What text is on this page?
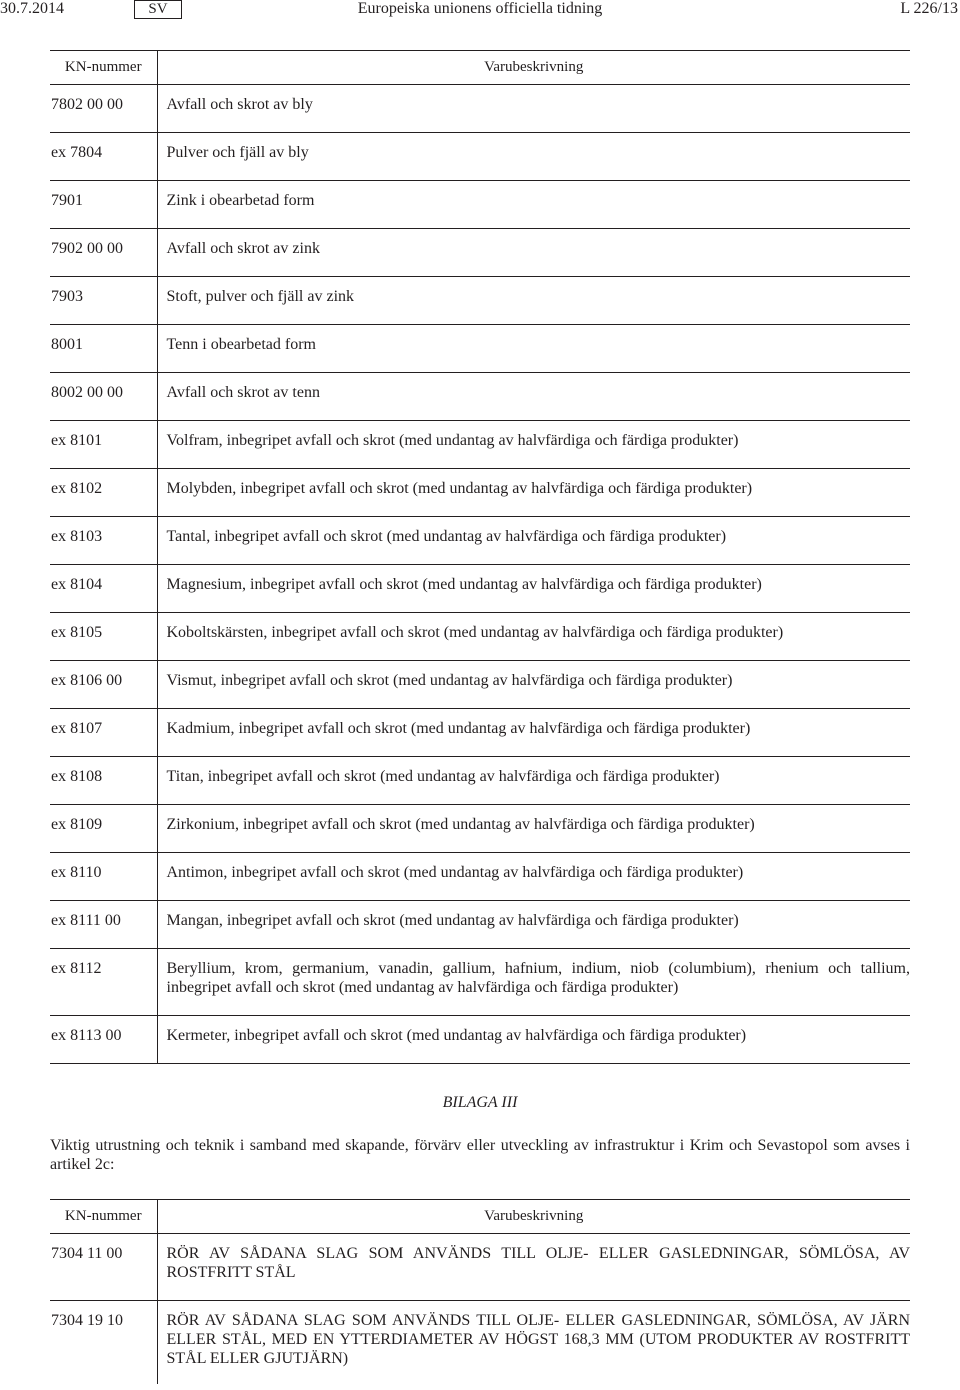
30.7.2014	Europeiska unionens officiella tidning
SV	L 226/13
KN-nummer	Varubeskrivning
7802 00 00	Avfall och skrot av bly
ex 7804	Pulver och fjäll av bly
7901	Zink i obearbetad form
7902 00 00	Avfall och skrot av zink
7903	Stoft, pulver och fjäll av zink
8001	Tenn i obearbetad form
8002 00 00	Avfall och skrot av tenn
ex 8101	Volfram, inbegripet avfall och skrot (med undantag av halvfärdiga och färdiga produkter)
ex 8102	Molybden, inbegripet avfall och skrot (med undantag av halvfärdiga och färdiga produkter)
ex 8103	Tantal, inbegripet avfall och skrot (med undantag av halvfärdiga och färdiga produkter)
ex 8104	Magnesium, inbegripet avfall och skrot (med undantag av halvfärdiga och färdiga produkter)
ex 8105	Koboltskärsten, inbegripet avfall och skrot (med undantag av halvfärdiga och färdiga produkter)
ex 8106 00	Vismut, inbegripet avfall och skrot (med undantag av halvfärdiga och färdiga produkter)
ex 8107	Kadmium, inbegripet avfall och skrot (med undantag av halvfärdiga och färdiga produkter)
ex 8108	Titan, inbegripet avfall och skrot (med undantag av halvfärdiga och färdiga produkter)
ex 8109	Zirkonium, inbegripet avfall och skrot (med undantag av halvfärdiga och färdiga produkter)
ex 8110	Antimon, inbegripet avfall och skrot (med undantag av halvfärdiga och färdiga produkter)
ex 8111 00	Mangan, inbegripet avfall och skrot (med undantag av halvfärdiga och färdiga produkter)
ex 8112	Beryllium, krom, germanium, vanadin, gallium, hafnium, indium, niob (columbium), rhenium och tallium, inbegripet avfall och skrot (med undantag av halvfärdiga och färdiga produkter)
ex 8113 00	Kermeter, inbegripet avfall och skrot (med undantag av halvfärdiga och färdiga produkter)
BILAGA III
Viktig utrustning och teknik i samband med skapande, förvärv eller utveckling av infrastruktur i Krim och Sevastopol som avses i artikel 2c:
KN-nummer	Varubeskrivning
7304 11 00	RÖR AV SÅDANA SLAG SOM ANVÄNDS TILL OLJE- ELLER GASLEDNINGAR, SÖMLÖSA, AV ROSTFRITT STÅL
7304 19 10	RÖR AV SÅDANA SLAG SOM ANVÄNDS TILL OLJE- ELLER GASLEDNINGAR, SÖMLÖSA, AV JÄRN ELLER STÅL, MED EN YTTERDIAMETER AV HÖGST 168,3 MM (UTOM PRODUKTER AV ROSTFRITT STÅL ELLER GJUTJÄRN)
